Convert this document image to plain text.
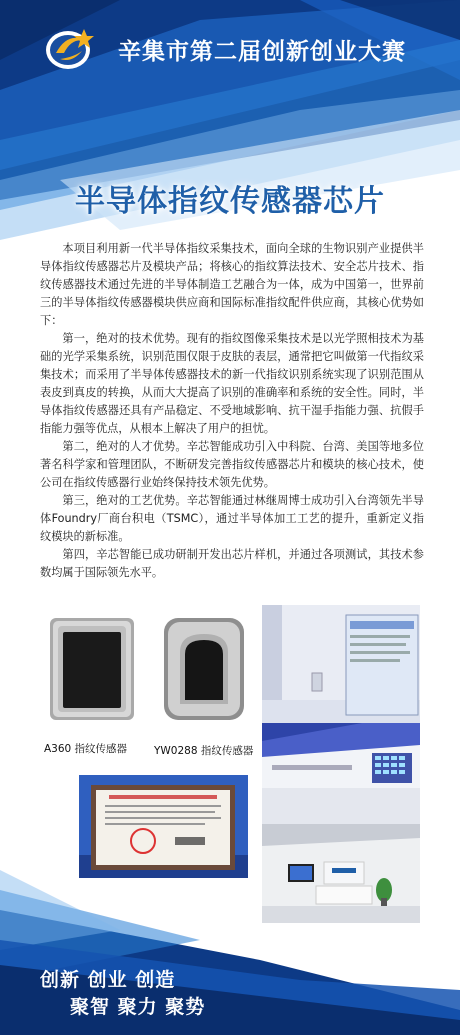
辛集市第二届创新创业大赛
半导体指纹传感器芯片

本项目利用新一代半导体指纹采集技术，面向全球的生物识别产业提供半导体指纹传感器芯片及模块产品；将核心的指纹算法技术、安全芯片技术、指纹传感器技术通过先进的半导体制造工艺融合为一体，成为中国第一，世界前三的半导体指纹传感器模块供应商和国际标准指纹配件供应商，其核心优势如下：

第一，绝对的技术优势。现有的指纹图像采集技术是以光学照相技术为基础的光学采集系统，识别范围仅限于皮肤的表层，通常把它叫做第一代指纹采集技术；而采用了半导体传感器技术的新一代指纹识别系统实现了识别范围从表皮到真皮的转换，从而大大提高了识别的准确率和系统的安全性。同时，半导体指纹传感器还具有产品稳定、不受地域影响、抗干湿手指能力强、抗假手指能力强等优点，从根本上解决了用户的担忧。

第二，绝对的人才优势。辛芯智能成功引入中科院、台湾、美国等地多位著名科学家和管理团队，不断研发完善指纹传感器芯片和模块的核心技术，使公司在指纹传感器行业始终保持技术领先优势。

第三，绝对的工艺优势。辛芯智能通过林继周博士成功引入台湾领先半导体Foundry厂商台积电（TSMC），通过半导体加工工艺的提升，重新定义指纹模块的新标准。

第四，辛芯智能已成功研制开发出芯片样机，并通过各项测试，其技术参数均属于国际领先水平。

A360 指纹传感器	YW0288 指纹传感器
创新 创业 创造
聚智 聚力 聚势
